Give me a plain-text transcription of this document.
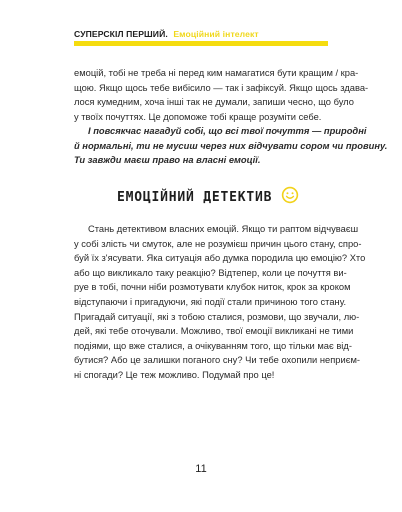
СУПЕРСКІЛ ПЕРШИЙ. Емоційний інтелект
емоцій, тобі не треба ні перед ким намагатися бути кращим / кра-
щою. Якщо щось тебе вибісило — так і зафіксуй. Якщо щось здава-
лося кумедним, хоча інші так не думали, запиши чесно, що було
у твоїх почуттях. Це допоможе тобі краще розуміти себе.
І повсякчас нагадуй собі, що всі твої почуття — природні
й нормальні, ти не мусиш через них відчувати сором чи провину.
Ти завжди маєш право на власні емоції.
ЕМОЦІЙНИЙ ДЕТЕКТИВ
Стань детективом власних емоцій. Якщо ти раптом відчуваєш
у собі злість чи смуток, але не розумієш причин цього стану, спро-
буй їх з'ясувати. Яка ситуація або думка породила цю емоцію? Хто
або що викликало таку реакцію? Відтепер, коли це почуття ви-
руе в тобі, почни ніби розмотувати клубок ниток, крок за кроком
відступаючи і пригадуючи, які події стали причиною того стану.
Пригадай ситуації, які з тобою сталися, розмови, що звучали, лю-
дей, які тебе оточували. Можливо, твої емоції викликані не тими
подіями, що вже сталися, а очікуванням того, що тільки має від-
бутися? Або це залишки поганого сну? Чи тебе охопили неприєм-
ні спогади? Це теж можливо. Подумай про це!
11
